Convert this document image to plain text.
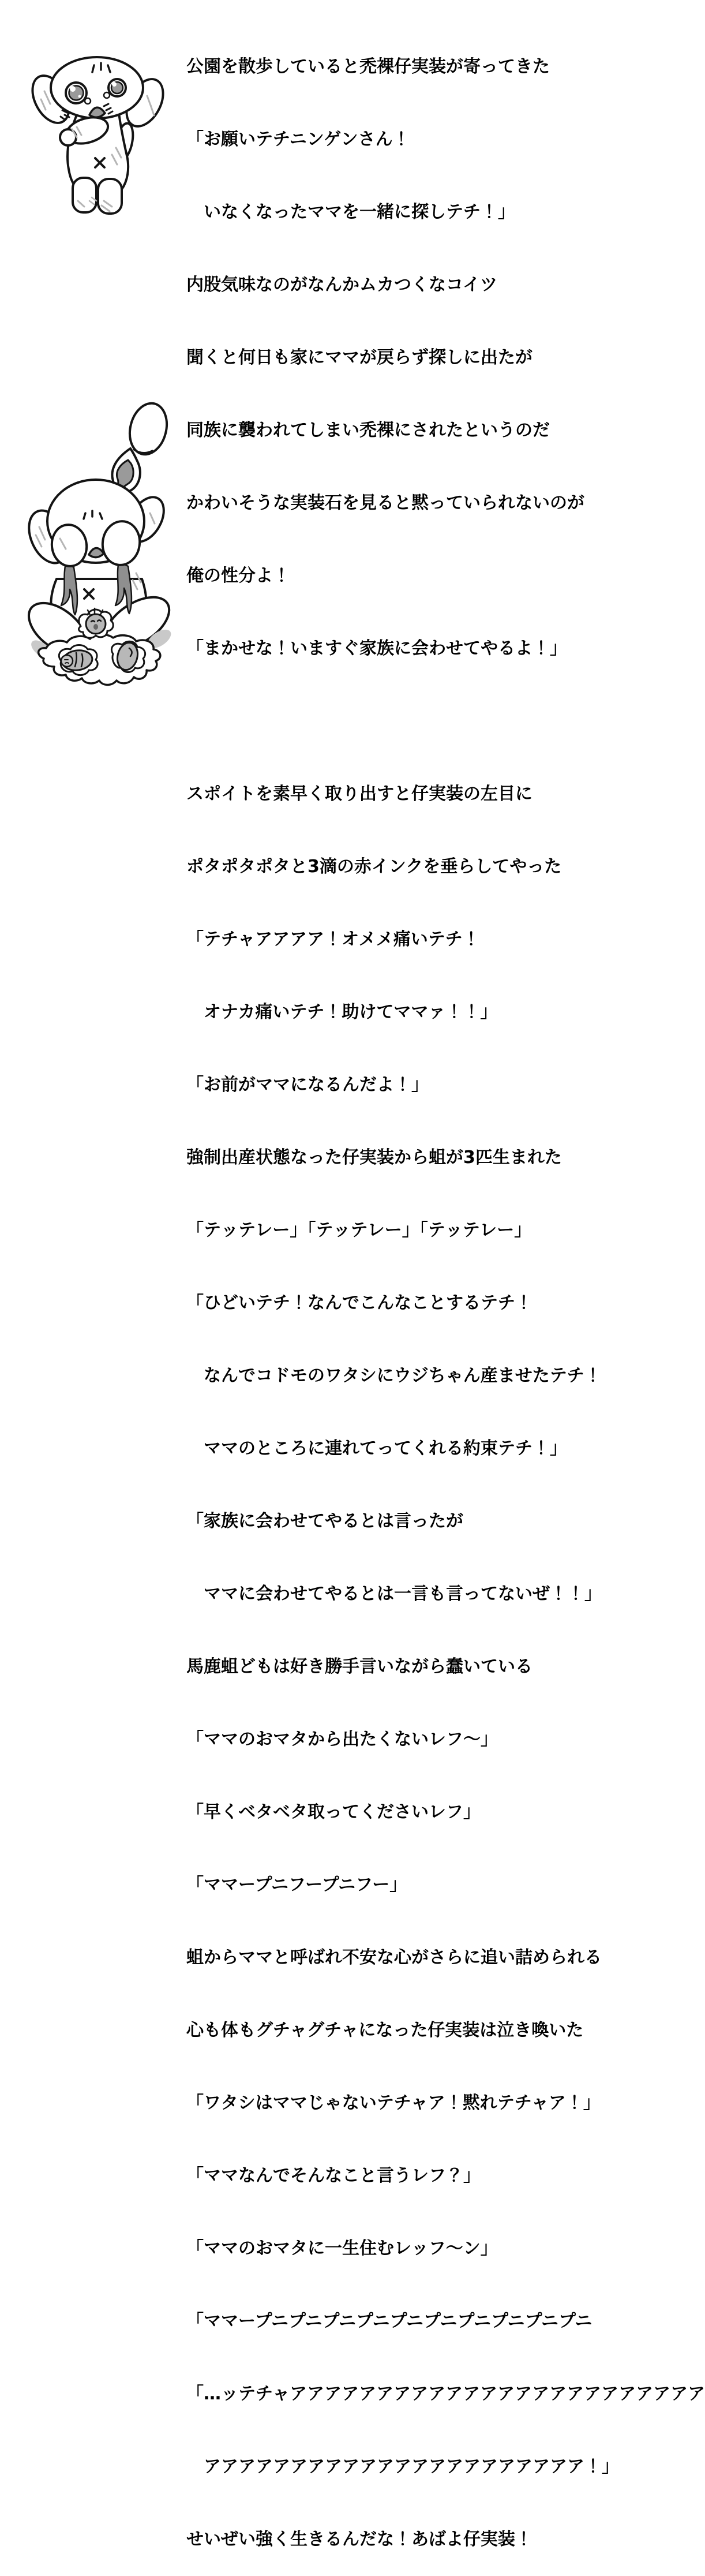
公園を散歩していると禿裸仔実装が寄ってきた

「お願いテチニンゲンさん！

　いなくなったママを一緒に探しテチ！」

内股気味なのがなんかムカつくなコイツ

聞くと何日も家にママが戻らず探しに出たが

同族に襲われてしまい禿裸にされたというのだ

かわいそうな実装石を見ると黙っていられないのが

俺の性分よ！

「まかせな！いますぐ家族に会わせてやるよ！」

スポイトを素早く取り出すと仔実装の左目に

ポタポタポタと3滴の赤インクを垂らしてやった

「テチャアアアア！オメメ痛いテチ！

　オナカ痛いテチ！助けてママァ！！」

「お前がママになるんだよ！」

強制出産状態なった仔実装から蛆が3匹生まれた

「テッテレー」「テッテレー」「テッテレー」

「ひどいテチ！なんでこんなことするテチ！

　なんでコドモのワタシにウジちゃん産ませたテチ！

　ママのところに連れてってくれる約束テチ！」

「家族に会わせてやるとは言ったが

　ママに会わせてやるとは一言も言ってないぜ！！」

馬鹿蛆どもは好き勝手言いながら蠢いている

「ママのおマタから出たくないレフ～」

「早くベタベタ取ってくださいレフ」

「ママープニフープニフー」

蛆からママと呼ばれ不安な心がさらに追い詰められる

心も体もグチャグチャになった仔実装は泣き喚いた

「ワタシはママじゃないテチャア！黙れテチャア！」

「ママなんでそんなこと言うレフ？」

「ママのおマタに一生住むレッフ～ン」

「ママープニプニプニプニプニプニプニプニプニプニ

「…ッテチャアアアアアアアアアアアアアアアアアアアアアアアア

　アアアアアアアアアアアアアアアアアアアアアア！」

せいぜい強く生きるんだな！あばよ仔実装！
